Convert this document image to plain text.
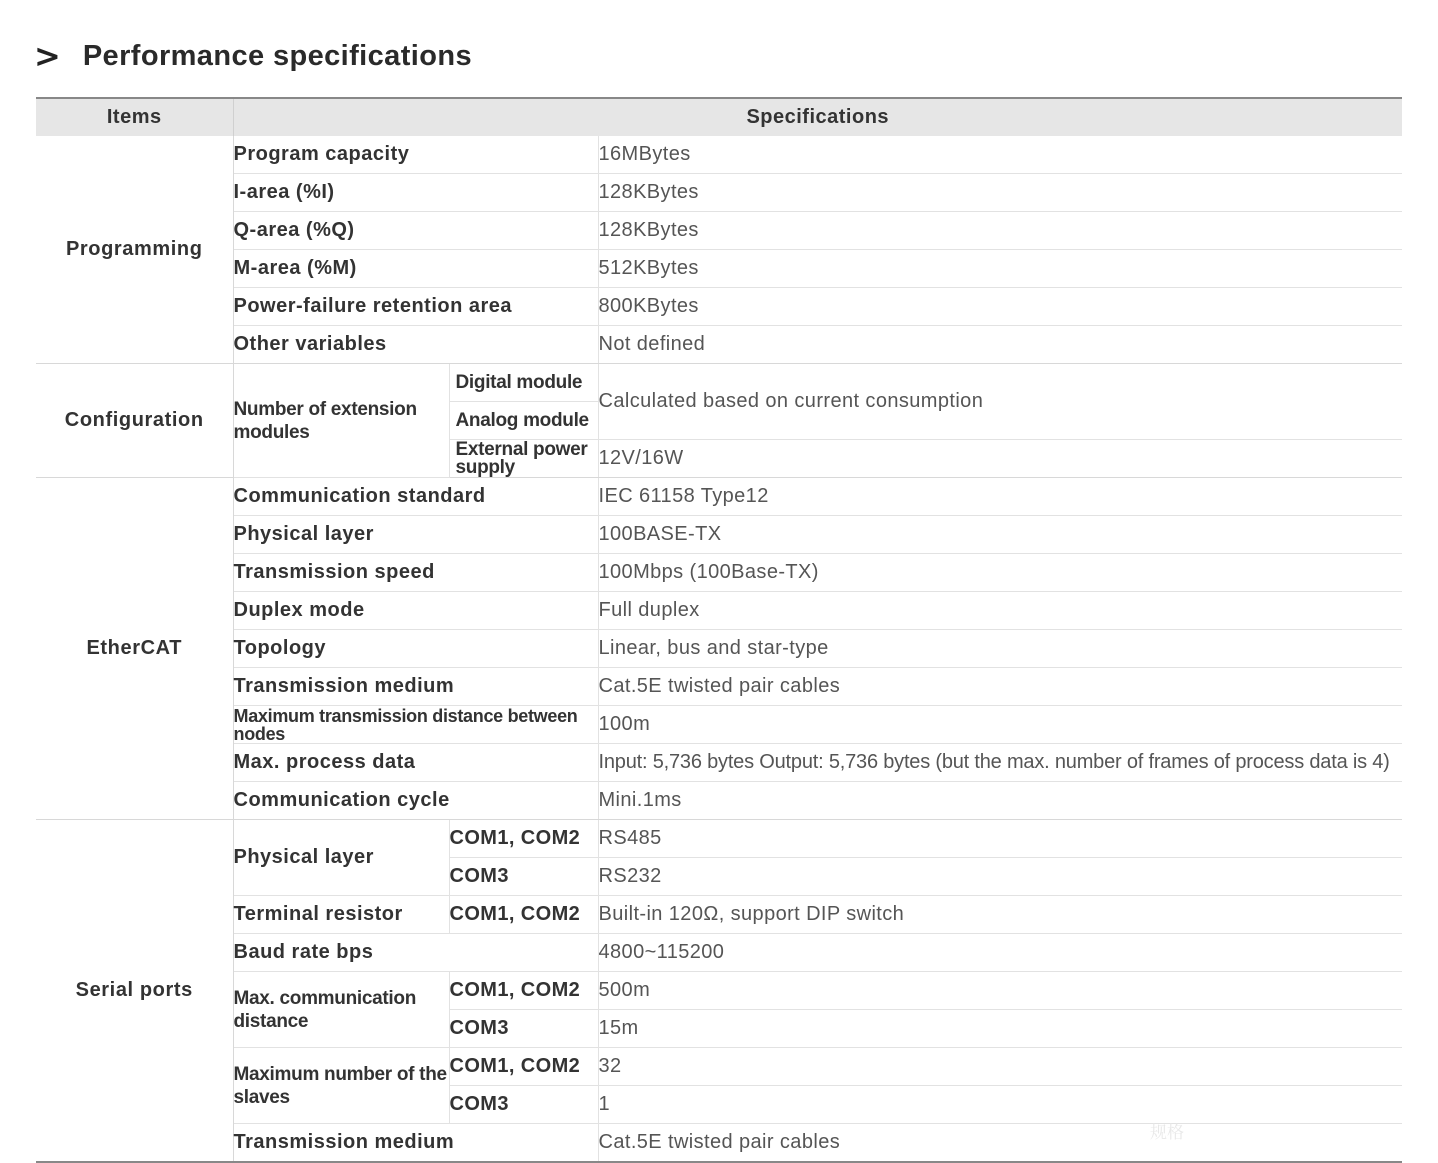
> Performance specifications
Items	Specifications		
Programming	Program capacity		16MBytes
	I-area (%I)		128KBytes
	Q-area (%Q)		128KBytes
	M-area (%M)		512KBytes
	Power-failure retention area		800KBytes
	Other variables		Not defined
Configuration	Number of extension modules	Digital module	Calculated based on current consumption
		Analog module	
		External power supply	12V/16W
EtherCAT	Communication standard		IEC 61158 Type12
	Physical layer		100BASE-TX
	Transmission speed		100Mbps (100Base-TX)
	Duplex mode		Full duplex
	Topology		Linear, bus and star-type
	Transmission medium		Cat.5E twisted pair cables
	Maximum transmission distance between nodes		100m
	Max. process data		Input: 5,736 bytes Output: 5,736 bytes (but the max. number of frames of process data is 4)
	Communication cycle		Mini.1ms
Serial ports	Physical layer	COM1, COM2	RS485
		COM3	RS232
	Terminal resistor	COM1, COM2	Built-in 120Ω, support DIP switch
	Baud rate bps		4800~115200
	Max. communication distance	COM1, COM2	500m
		COM3	15m
	Maximum number of the slaves	COM1, COM2	32
		COM3	1
	Transmission medium		Cat.5E twisted pair cables	规格
